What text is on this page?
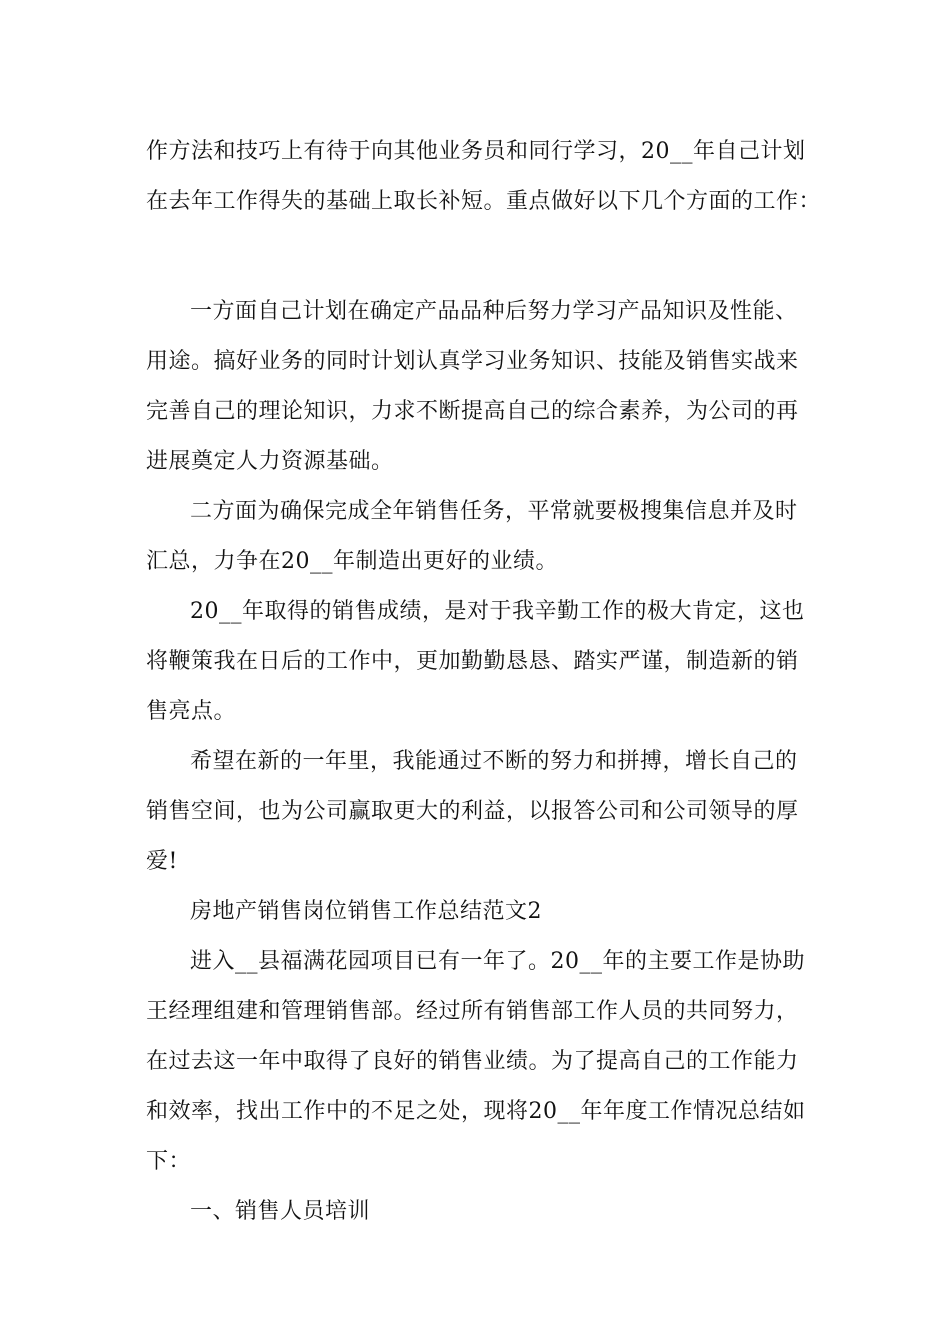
作方法和技巧上有待于向其他业务员和同行学习，20__年自己计划
在去年工作得失的基础上取长补短。重点做好以下几个方面的工作：
一方面自己计划在确定产品品种后努力学习产品知识及性能、
用途。搞好业务的同时计划认真学习业务知识、技能及销售实战来
完善自己的理论知识，力求不断提高自己的综合素养，为公司的再
进展奠定人力资源基础。
二方面为确保完成全年销售任务，平常就要极搜集信息并及时
汇总，力争在20__年制造出更好的业绩。
20__年取得的销售成绩，是对于我辛勤工作的极大肯定，这也
将鞭策我在日后的工作中，更加勤勤恳恳、踏实严谨，制造新的销
售亮点。
希望在新的一年里，我能通过不断的努力和拼搏，增长自己的
销售空间，也为公司赢取更大的利益，以报答公司和公司领导的厚
爱!
房地产销售岗位销售工作总结范文2
进入__县福满花园项目已有一年了。20__年的主要工作是协助
王经理组建和管理销售部。经过所有销售部工作人员的共同努力，
在过去这一年中取得了良好的销售业绩。为了提高自己的工作能力
和效率，找出工作中的不足之处，现将20__年年度工作情况总结如
下：
一、销售人员培训
